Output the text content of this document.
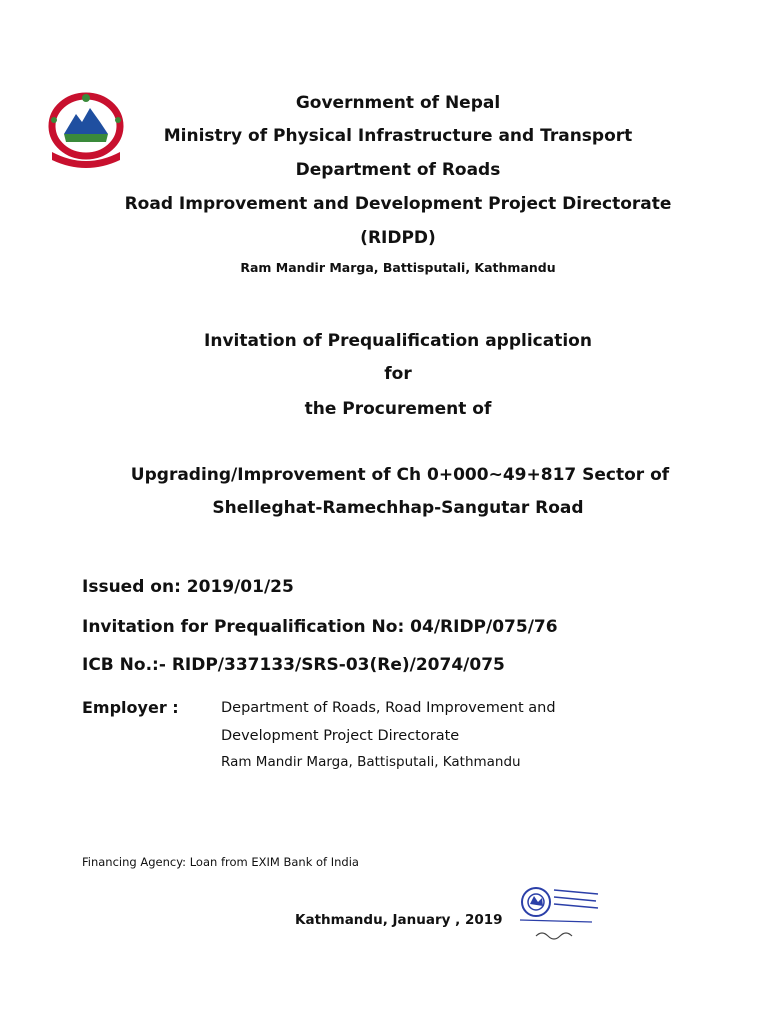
Government of Nepal
Ministry of Physical Infrastructure and Transport
Department of Roads
Road Improvement and Development Project Directorate
(RIDPD)
Ram Mandir Marga, Battisputali, Kathmandu
Invitation of Prequalification application
for
the Procurement of
Upgrading/Improvement of Ch 0+000~49+817 Sector of
Shelleghat-Ramechhap-Sangutar Road
Issued on: 2019/01/25
Invitation for Prequalification No: 04/RIDP/075/76
ICB No.:- RIDP/337133/SRS-03(Re)/2074/075
Employer :	Department of Roads, Road Improvement and
Development Project Directorate
Ram Mandir Marga, Battisputali, Kathmandu
Financing Agency: Loan from EXIM Bank of India
Kathmandu, January , 2019
